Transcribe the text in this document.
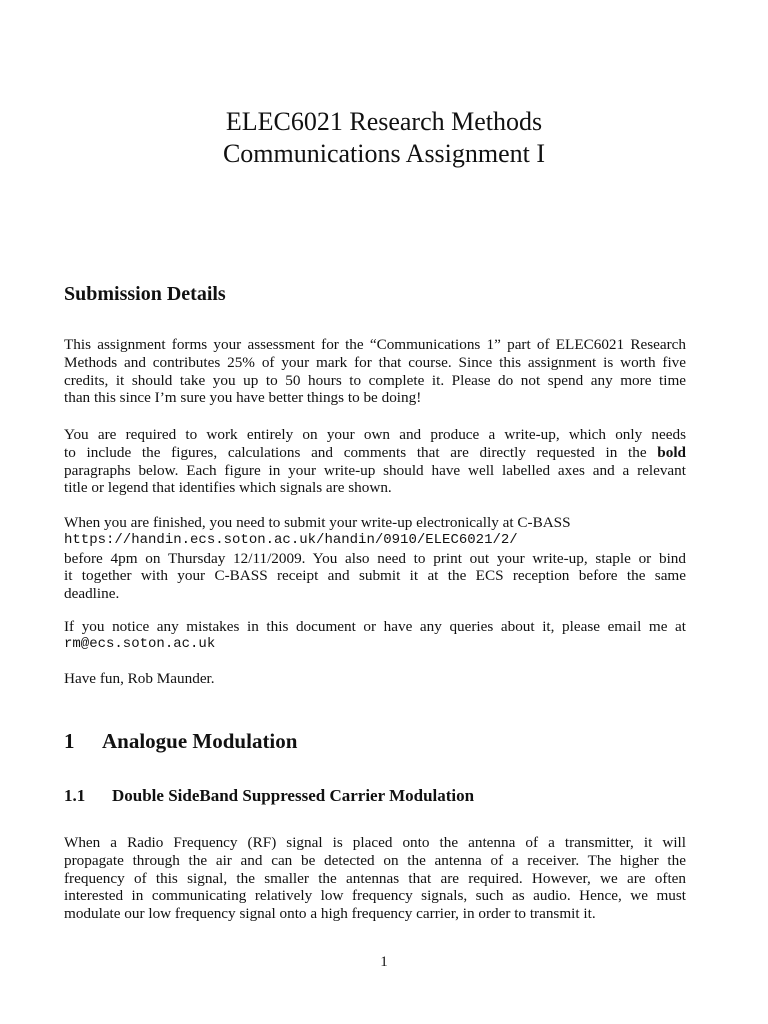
ELEC6021 Research Methods
Communications Assignment I
Submission Details
This assignment forms your assessment for the “Communications 1” part of ELEC6021 Research
Methods and contributes 25% of your mark for that course. Since this assignment is worth five
credits, it should take you up to 50 hours to complete it. Please do not spend any more time
than this since I’m sure you have better things to be doing!
You are required to work entirely on your own and produce a write-up, which only needs
to include the figures, calculations and comments that are directly requested in the bold
paragraphs below. Each figure in your write-up should have well labelled axes and a relevant
title or legend that identifies which signals are shown.
When you are finished, you need to submit your write-up electronically at C-BASS
https://handin.ecs.soton.ac.uk/handin/0910/ELEC6021/2/
before 4pm on Thursday 12/11/2009. You also need to print out your write-up, staple or bind
it together with your C-BASS receipt and submit it at the ECS reception before the same
deadline.
If you notice any mistakes in this document or have any queries about it, please email me at
rm@ecs.soton.ac.uk
Have fun, Rob Maunder.
1 Analogue Modulation
1.1 Double SideBand Suppressed Carrier Modulation
When a Radio Frequency (RF) signal is placed onto the antenna of a transmitter, it will
propagate through the air and can be detected on the antenna of a receiver. The higher the
frequency of this signal, the smaller the antennas that are required. However, we are often
interested in communicating relatively low frequency signals, such as audio. Hence, we must
modulate our low frequency signal onto a high frequency carrier, in order to transmit it.
1
